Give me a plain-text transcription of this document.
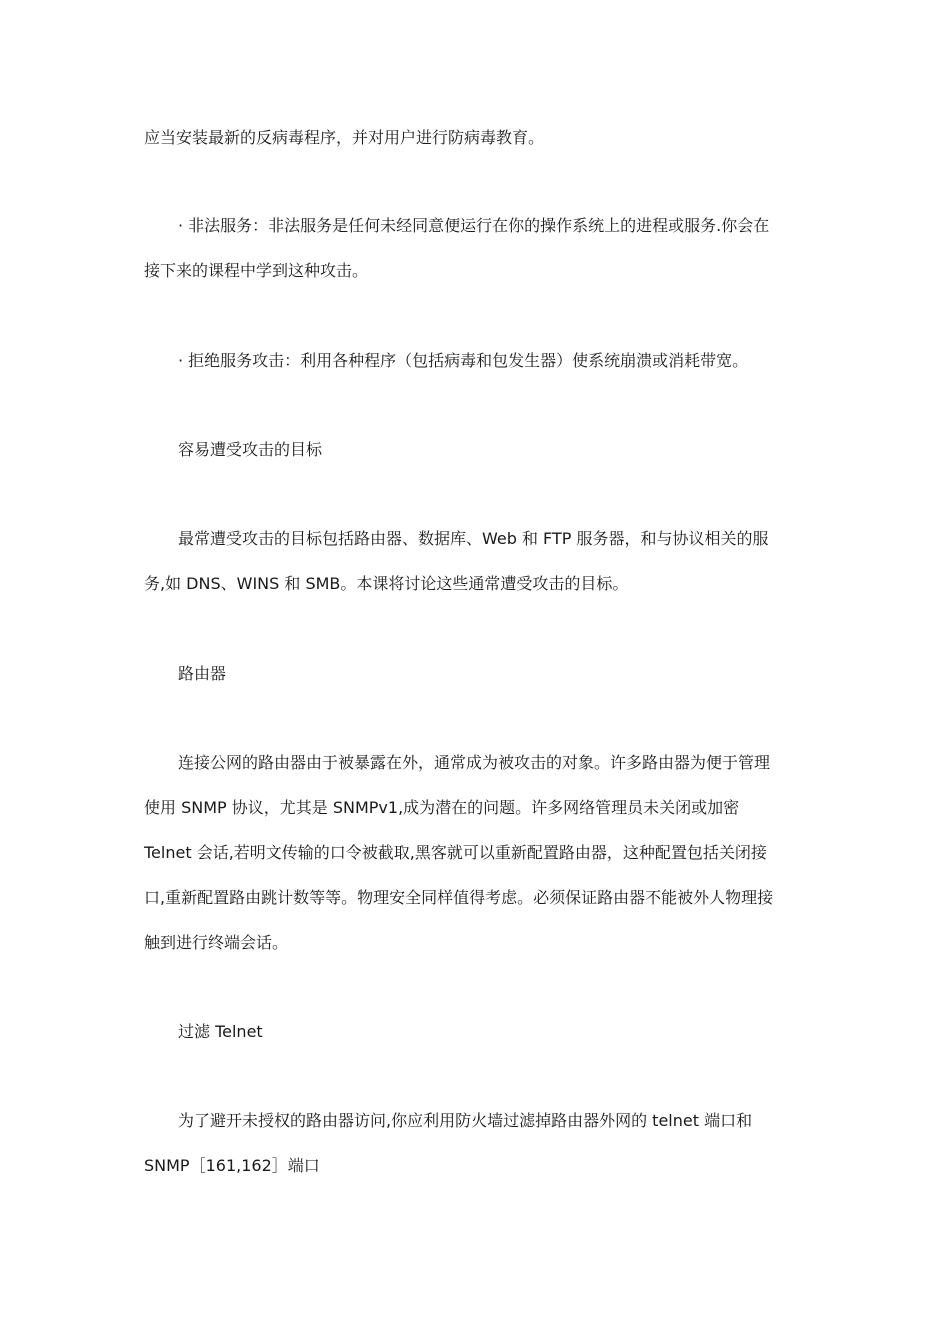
应当安装最新的反病毒程序，并对用户进行防病毒教育。

· 非法服务：非法服务是任何未经同意便运行在你的操作系统上的进程或服务.你会在
接下来的课程中学到这种攻击。

· 拒绝服务攻击：利用各种程序（包括病毒和包发生器）使系统崩溃或消耗带宽。

容易遭受攻击的目标

最常遭受攻击的目标包括路由器、数据库、Web 和 FTP 服务器，和与协议相关的服
务,如 DNS、WINS 和 SMB。本课将讨论这些通常遭受攻击的目标。

路由器

连接公网的路由器由于被暴露在外，通常成为被攻击的对象。许多路由器为便于管理
使用 SNMP 协议，尤其是 SNMPv1,成为潜在的问题。许多网络管理员未关闭或加密
Telnet 会话,若明文传输的口令被截取,黑客就可以重新配置路由器，这种配置包括关闭接
口,重新配置路由跳计数等等。物理安全同样值得考虑。必须保证路由器不能被外人物理接
触到进行终端会话。

过滤 Telnet

为了避开未授权的路由器访问,你应利用防火墙过滤掉路由器外网的 telnet 端口和
SNMP［161,162］端口
